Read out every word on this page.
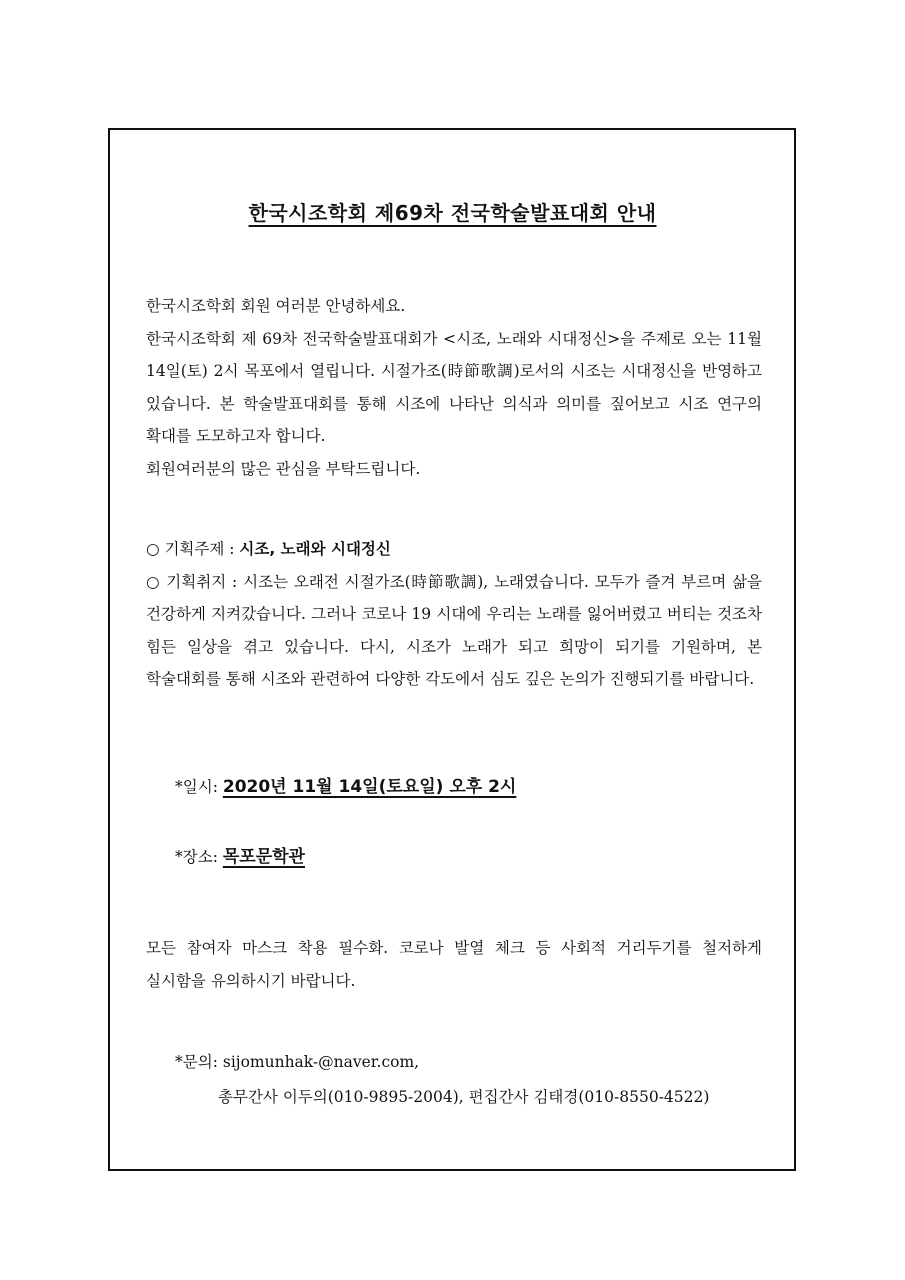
한국시조학회 제69차 전국학술발표대회 안내

한국시조학회 회원 여러분 안녕하세요.

한국시조학회 제 69차 전국학술발표대회가 <시조, 노래와 시대정신>을 주제로 오는 11월 14일(토) 2시 목포에서 열립니다. 시절가조(時節歌調)로서의 시조는 시대정신을 반영하고 있습니다. 본 학술발표대회를 통해 시조에 나타난 의식과 의미를 짚어보고 시조 연구의 확대를 도모하고자 합니다.

회원여러분의 많은 관심을 부탁드립니다.

○ 기획주제 : 시조, 노래와 시대정신

○ 기획취지 : 시조는 오래전 시절가조(時節歌調), 노래였습니다. 모두가 즐겨 부르며 삶을 건강하게 지켜갔습니다. 그러나 코로나 19 시대에 우리는 노래를 잃어버렸고 버티는 것조차 힘든 일상을 겪고 있습니다. 다시, 시조가 노래가 되고 희망이 되기를 기원하며, 본 학술대회를 통해 시조와 관련하여 다양한 각도에서 심도 깊은 논의가 진행되기를 바랍니다.

*일시: 2020년 11월 14일(토요일) 오후 2시
*장소: 목포문학관

모든 참여자 마스크 착용 필수화. 코로나 발열 체크 등 사회적 거리두기를 철저하게 실시함을 유의하시기 바랍니다.

*문의: sijomunhak-@naver.com,
총무간사 이두의(010-9895-2004), 편집간사 김태경(010-8550-4522)
